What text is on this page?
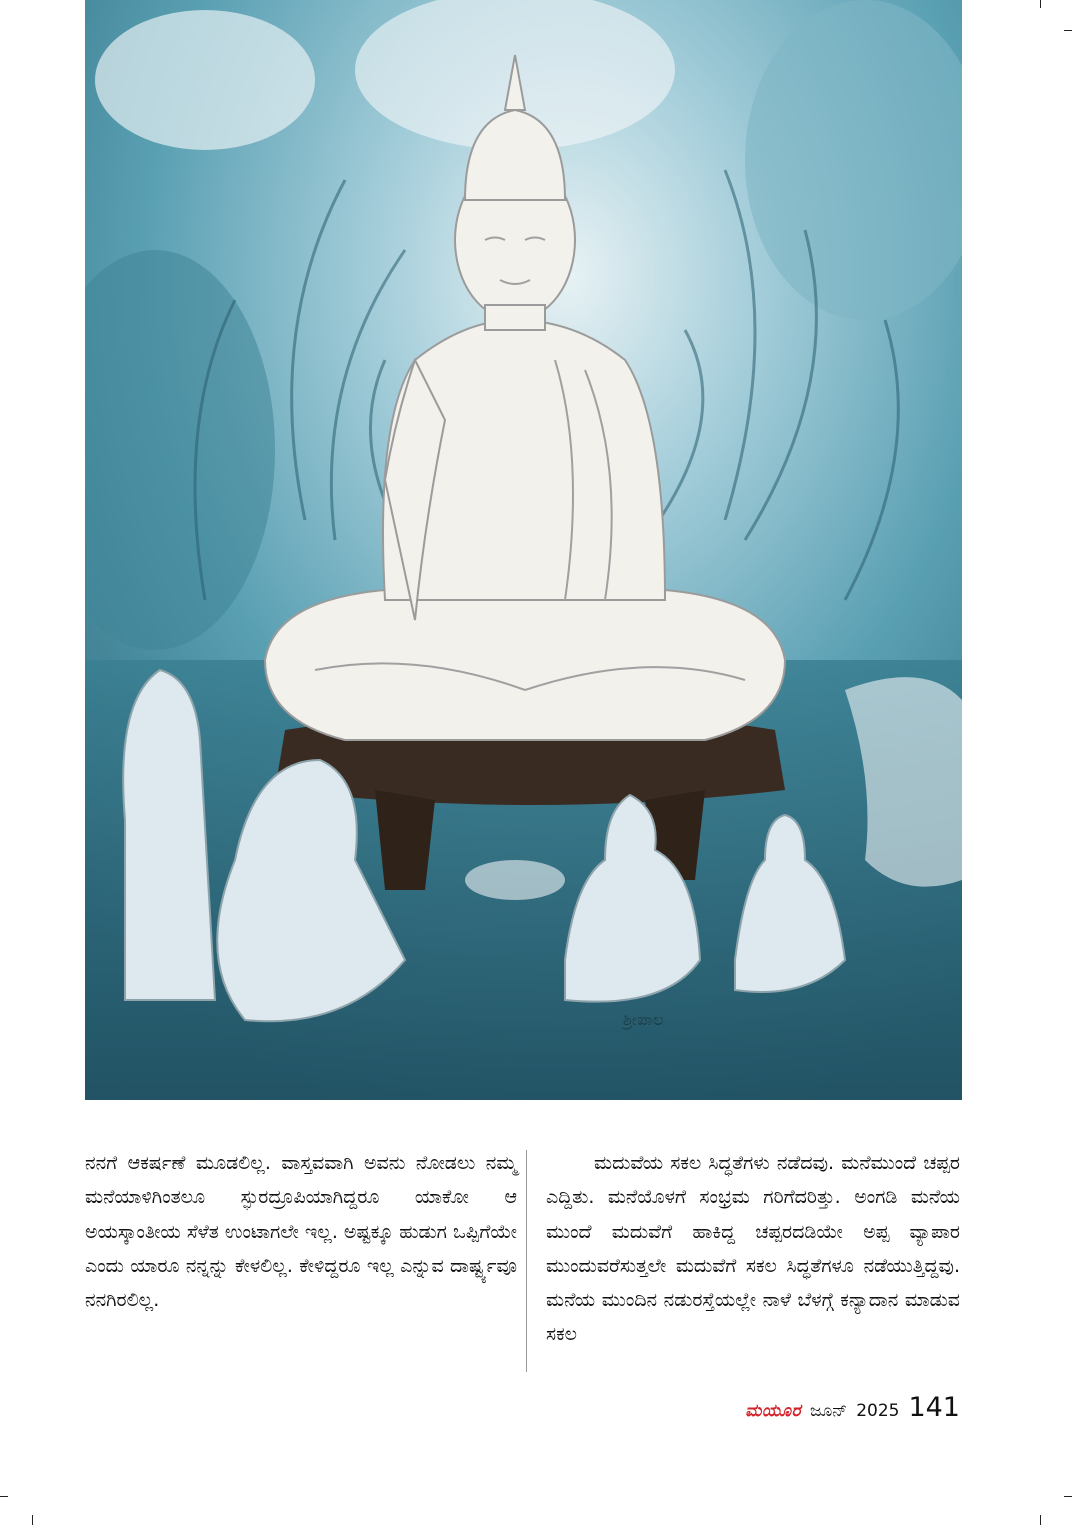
ಶ್ರೀಪಾಲ

ನನಗೆ ಆಕರ್ಷಣೆ ಮೂಡಲಿಲ್ಲ. ವಾಸ್ತವವಾಗಿ ಅವನು ನೋಡಲು ನಮ್ಮ ಮನೆಯಾಳಿಗಿಂತಲೂ ಸ್ಫುರದ್ರೂಪಿಯಾಗಿದ್ದರೂ ಯಾಕೋ ಆ ಅಯಸ್ಕಾಂತೀಯ ಸೆಳೆತ ಉಂಟಾಗಲೇ ಇಲ್ಲ. ಅಷ್ಟಕ್ಕೂ ಹುಡುಗ ಒಪ್ಪಿಗೆಯೇ ಎಂದು ಯಾರೂ ನನ್ನನ್ನು ಕೇಳಲಿಲ್ಲ. ಕೇಳಿದ್ದರೂ ಇಲ್ಲ ಎನ್ನುವ ದಾರ್ಷ್ಟ್ಯವೂ ನನಗಿರಲಿಲ್ಲ.

ಮದುವೆಯ ಸಕಲ ಸಿದ್ಧತೆಗಳು ನಡೆದವು. ಮನೆಮುಂದೆ ಚಪ್ಪರ ಎದ್ದಿತು. ಮನೆಯೊಳಗೆ ಸಂಭ್ರಮ ಗರಿಗೆದರಿತ್ತು. ಅಂಗಡಿ ಮನೆಯ ಮುಂದೆ ಮದುವೆಗೆ ಹಾಕಿದ್ದ ಚಪ್ಪರದಡಿಯೇ ಅಪ್ಪ ವ್ಯಾಪಾರ ಮುಂದುವರೆಸುತ್ತಲೇ ಮದುವೆಗೆ ಸಕಲ ಸಿದ್ಧತೆಗಳೂ ನಡೆಯುತ್ತಿದ್ದವು. ಮನೆಯ ಮುಂದಿನ ನಡುರಸ್ತೆಯಲ್ಲೇ ನಾಳೆ ಬೆಳಗ್ಗೆ ಕನ್ಯಾದಾನ ಮಾಡುವ ಸಕಲ

ಮಯೂರ ಜೂನ್ 2025 141
